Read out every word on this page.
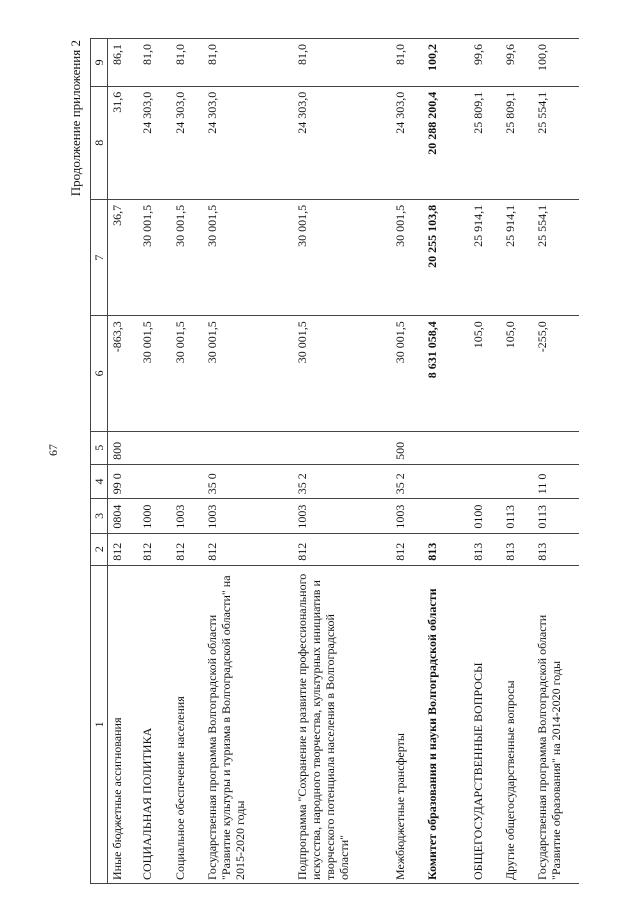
67
Продолжение приложения 2
1	2	3	4	5	6	7	8	9
Иные бюджетные ассигнования	812	0804	99 0	800	-863,3	36,7	31,6	86,1
СОЦИАЛЬНАЯ ПОЛИТИКА	812	1000			30 001,5	30 001,5	24 303,0	81,0
Социальное обеспечение населения	812	1003			30 001,5	30 001,5	24 303,0	81,0
Государственная программа Волгоградской области "Развитие культуры и туризма в Волгоградской области" на 2015-2020 годы	812	1003	35 0		30 001,5	30 001,5	24 303,0	81,0
Подпрограмма "Сохранение и развитие профессионального искусства, народного творчества, культурных инициатив и творческого потенциала населения в Волгоградской области"	812	1003	35 2		30 001,5	30 001,5	24 303,0	81,0
Межбюджетные трансферты	812	1003	35 2	500	30 001,5	30 001,5	24 303,0	81,0
Комитет образования и науки Волгоградской области	813				8 631 058,4	20 255 103,8	20 288 200,4	100,2
ОБЩЕГОСУДАРСТВЕННЫЕ ВОПРОСЫ	813	0100			105,0	25 914,1	25 809,1	99,6
Другие общегосударственные вопросы	813	0113			105,0	25 914,1	25 809,1	99,6
Государственная программа Волгоградской области "Развитие образования" на 2014-2020 годы	813	0113	11 0		-255,0	25 554,1	25 554,1	100,0
